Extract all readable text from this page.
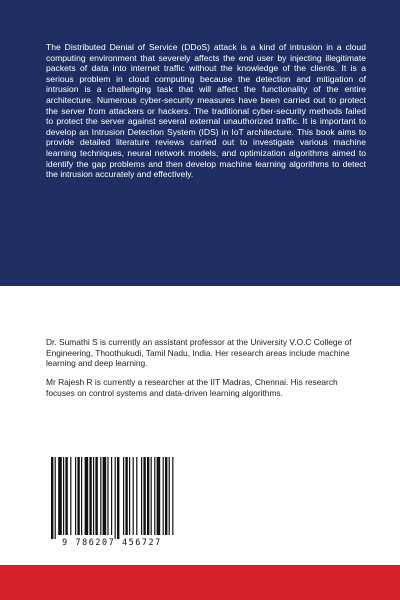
The Distributed Denial of Service (DDoS) attack is a kind of intrusion in a cloud computing environment that severely affects the end user by injecting illegitimate packets of data into internet traffic without the knowledge of the clients. It is a serious problem in cloud computing because the detection and mitigation of intrusion is a challenging task that will affect the functionality of the entire architecture. Numerous cyber-security measures have been carried out to protect the server from attackers or hackers. The traditional cyber-security methods failed to protect the server against several external unauthorized traffic. It is important to develop an Intrusion Detection System (IDS) in IoT architecture. This book aims to provide detailed literature reviews carried out to investigate various machine learning techniques, neural network models, and optimization algorithms aimed to identify the gap problems and then develop machine learning algorithms to detect the intrusion accurately and effectively.

Dr. Sumathi S is currently an assistant professor at the University V.O.C College of Engineering, Thoothukudi, Tamil Nadu, India. Her research areas include machine learning and deep learning.

Mr Rajesh R is currently a researcher at the IIT Madras, Chennai. His research focuses on control systems and data-driven learning algorithms.

9 786207 456727
